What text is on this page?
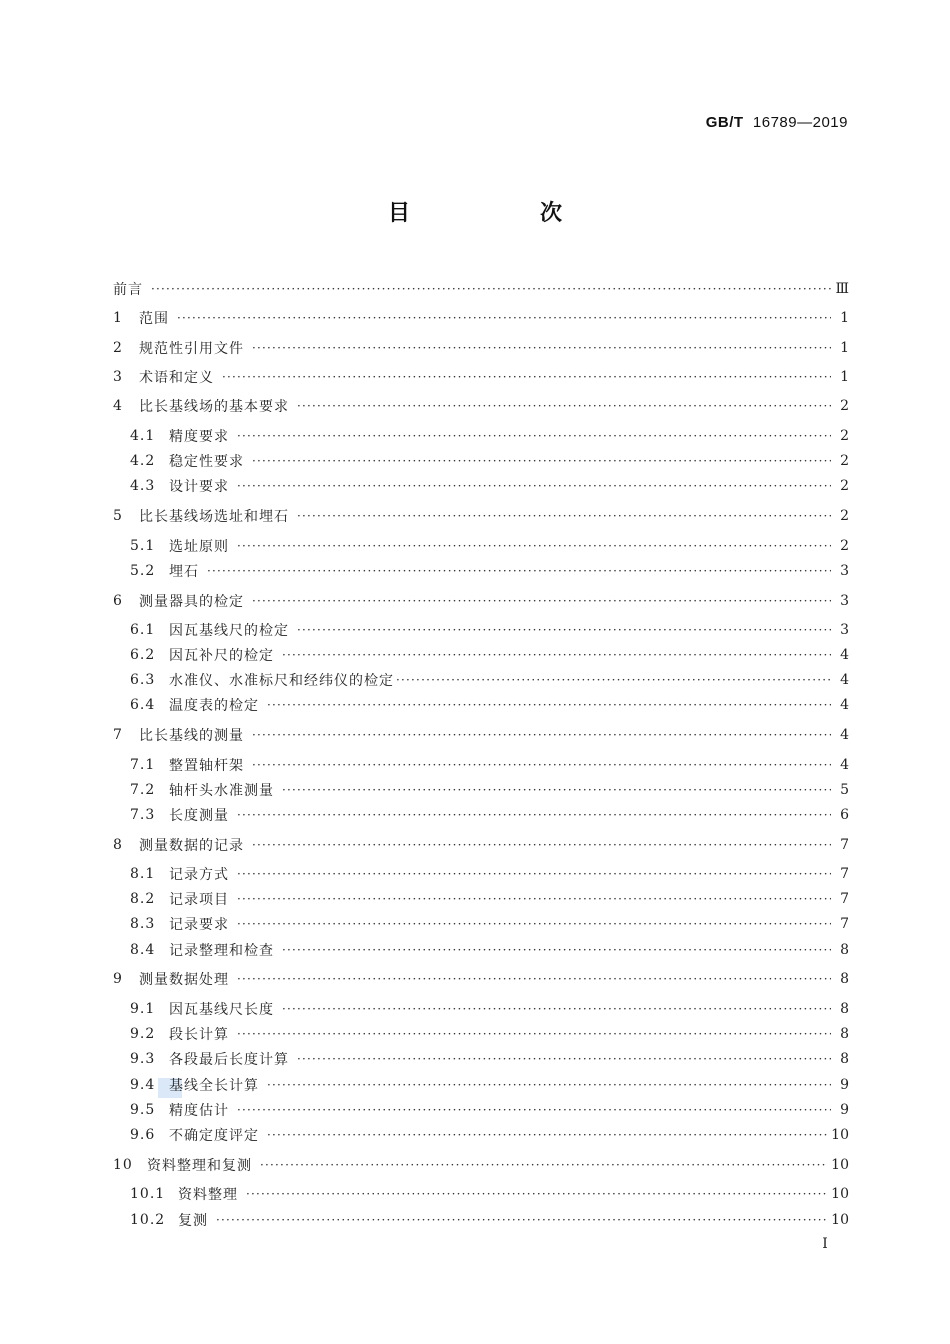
GB/T 16789—2019
目　次
前言 ·····	Ⅲ
1	范围 ·····	1
2	规范性引用文件 ·····	1
3	术语和定义 ·····	1
4	比长基线场的基本要求 ·····	2
4.1 精度要求 ·····	2
4.2 稳定性要求 ·····	2
4.3 设计要求 ·····	2
5	比长基线场选址和埋石 ·····	2
5.1 选址原则 ·····	2
5.2 埋石 ·····	3
6	测量器具的检定 ·····	3
6.1 因瓦基线尺的检定 ·····	3
6.2 因瓦补尺的检定 ·····	4
6.3 水准仪、水准标尺和经纬仪的检定 ·····	4
6.4 温度表的检定 ·····	4
7	比长基线的测量 ·····	4
7.1 整置轴杆架 ·····	4
7.2 轴杆头水准测量 ·····	5
7.3 长度测量 ·····	6
8	测量数据的记录 ·····	7
8.1 记录方式 ·····	7
8.2 记录项目 ·····	7
8.3 记录要求 ·····	7
8.4 记录整理和检查 ·····	8
9	测量数据处理 ·····	8
9.1 因瓦基线尺长度 ·····	8
9.2 段长计算 ·····	8
9.3 各段最后长度计算 ·····	8
9.4 基线全长计算 ·····	9
9.5 精度估计 ·····	9
9.6 不确定度评定 ·····	10
10	资料整理和复测 ·····	10
10.1 资料整理 ·····	10
10.2 复测 ·····	10
I
